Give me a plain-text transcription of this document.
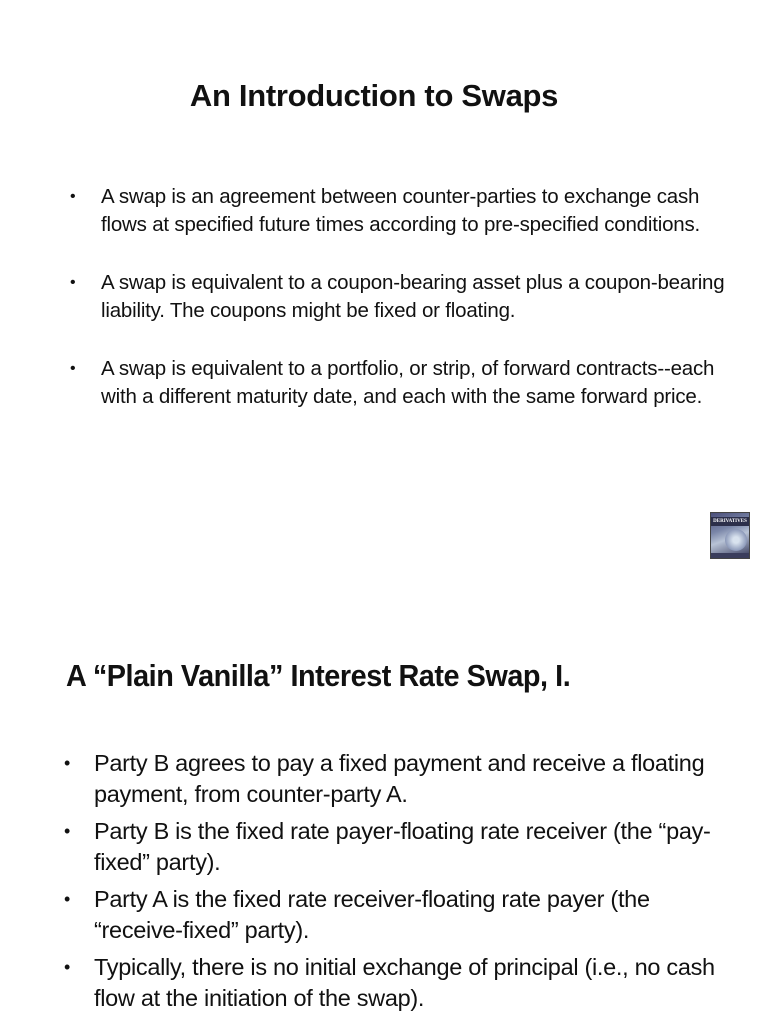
An Introduction to Swaps
• A swap is an agreement between counter-parties to exchange cash flows at specified future times according to pre-specified conditions.
• A swap is equivalent to a coupon-bearing asset plus a coupon-bearing liability. The coupons might be fixed or floating.
• A swap is equivalent to a portfolio, or strip, of forward contracts--each with a different maturity date, and each with the same forward price.
DERIVATIVES
A “Plain Vanilla” Interest Rate Swap, I.
• Party B agrees to pay a fixed payment and receive a floating payment, from counter-party A.
• Party B is the fixed rate payer-floating rate receiver (the “pay-fixed” party).
• Party A is the fixed rate receiver-floating rate payer (the “receive-fixed” party).
• Typically, there is no initial exchange of principal (i.e., no cash flow at the initiation of the swap).
